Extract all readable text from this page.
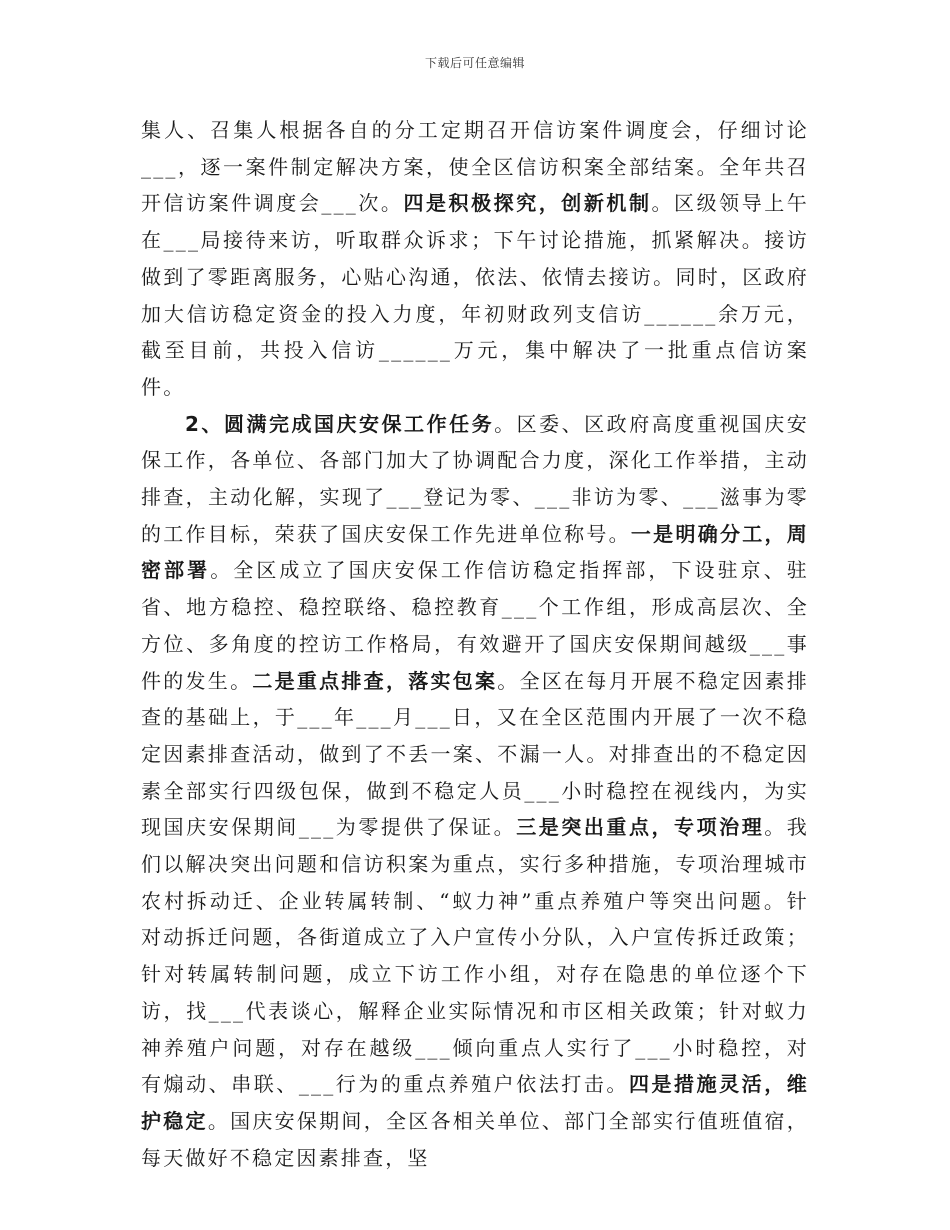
下载后可任意编辑

集人、召集人根据各自的分工定期召开信访案件调度会，仔细讨论___，逐一案件制定解决方案，使全区信访积案全部结案。全年共召开信访案件调度会___次。四是积极探究，创新机制。区级领导上午在___局接待来访，听取群众诉求；下午讨论措施，抓紧解决。接访做到了零距离服务，心贴心沟通，依法、依情去接访。同时，区政府加大信访稳定资金的投入力度，年初财政列支信访______余万元，截至目前，共投入信访______万元，集中解决了一批重点信访案件。

2、圆满完成国庆安保工作任务。区委、区政府高度重视国庆安保工作，各单位、各部门加大了协调配合力度，深化工作举措，主动排查，主动化解，实现了___登记为零、___非访为零、___滋事为零的工作目标，荣获了国庆安保工作先进单位称号。一是明确分工，周密部署。全区成立了国庆安保工作信访稳定指挥部，下设驻京、驻省、地方稳控、稳控联络、稳控教育___个工作组，形成高层次、全方位、多角度的控访工作格局，有效避开了国庆安保期间越级___事件的发生。二是重点排查，落实包案。全区在每月开展不稳定因素排查的基础上，于___年___月___日，又在全区范围内开展了一次不稳定因素排查活动，做到了不丢一案、不漏一人。对排查出的不稳定因素全部实行四级包保，做到不稳定人员___小时稳控在视线内，为实现国庆安保期间___为零提供了保证。三是突出重点，专项治理。我们以解决突出问题和信访积案为重点，实行多种措施，专项治理城市农村拆动迁、企业转属转制、“蚁力神”重点养殖户等突出问题。针对动拆迁问题，各街道成立了入户宣传小分队，入户宣传拆迁政策；针对转属转制问题，成立下访工作小组，对存在隐患的单位逐个下访，找___代表谈心，解释企业实际情况和市区相关政策；针对蚁力神养殖户问题，对存在越级___倾向重点人实行了___小时稳控，对有煽动、串联、___行为的重点养殖户依法打击。四是措施灵活，维护稳定。国庆安保期间，全区各相关单位、部门全部实行值班值宿，每天做好不稳定因素排查，坚
